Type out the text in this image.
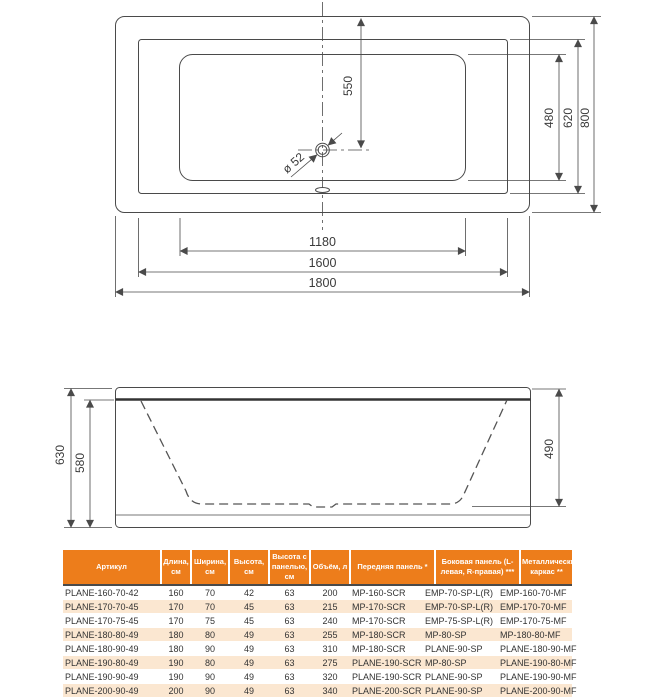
ø 52
550
480 620 800
1180
1600
1800
630 580
490
Артикул	Длина, см	Ширина, см	Высота, см	Высота с панелью, см	Объём, л	Передняя панель *	Боковая панель (L-левая, R-правая) ***	Металлический каркас **
PLANE-160-70-42	160	70	42	63	200	MP-160-SCR	EMP-70-SP-L(R)	EMP-160-70-MF
PLANE-170-70-45	170	70	45	63	215	MP-170-SCR	EMP-70-SP-L(R)	EMP-170-70-MF
PLANE-170-75-45	170	75	45	63	240	MP-170-SCR	EMP-75-SP-L(R)	EMP-170-75-MF
PLANE-180-80-49	180	80	49	63	255	MP-180-SCR	MP-80-SP	MP-180-80-MF
PLANE-180-90-49	180	90	49	63	310	MP-180-SCR	PLANE-90-SP	PLANE-180-90-MF
PLANE-190-80-49	190	80	49	63	275	PLANE-190-SCR	MP-80-SP	PLANE-190-80-MF
PLANE-190-90-49	190	90	49	63	320	PLANE-190-SCR	PLANE-90-SP	PLANE-190-90-MF
PLANE-200-90-49	200	90	49	63	340	PLANE-200-SCR	PLANE-90-SP	PLANE-200-90-MF
